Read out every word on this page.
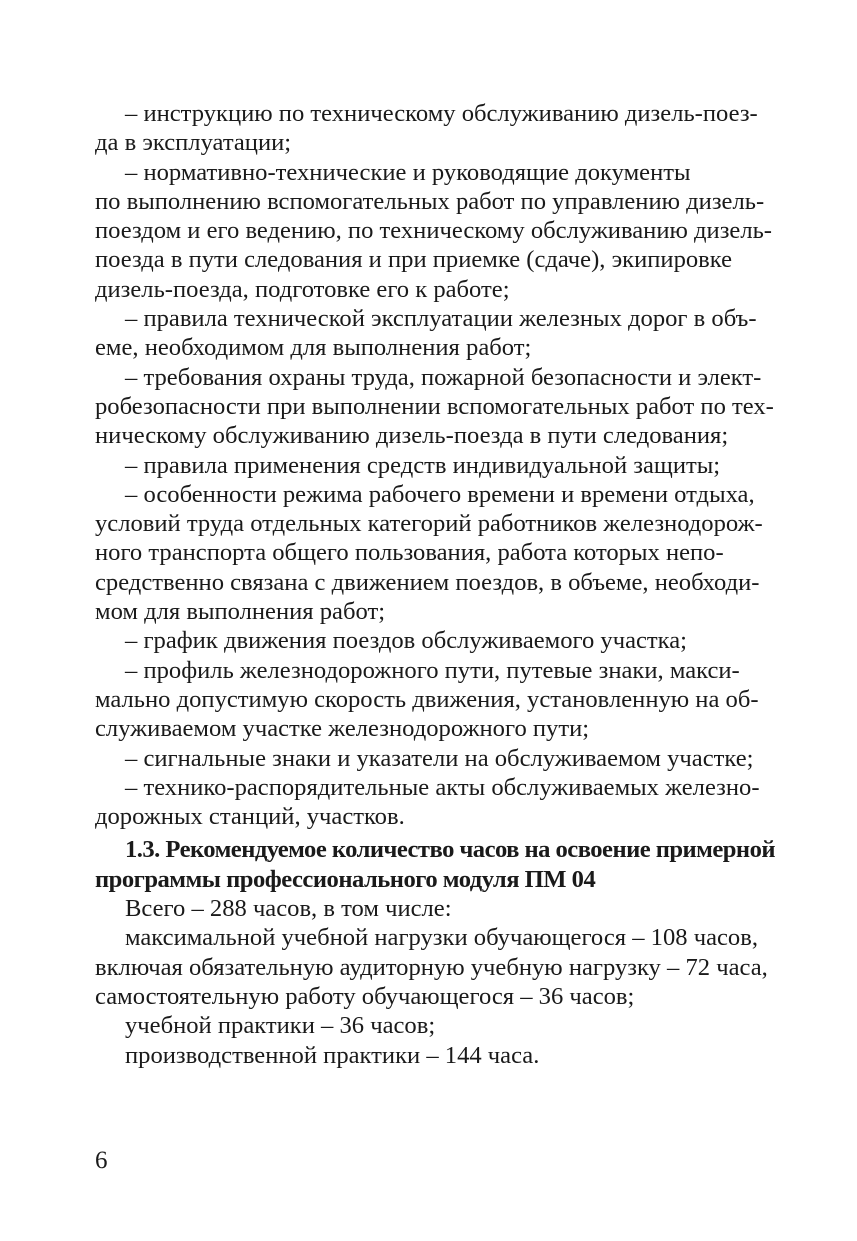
– инструкцию по техническому обслуживанию дизель-поез-
да в эксплуатации;
– нормативно-технические и руководящие документы
по выполнению вспомогательных работ по управлению дизель-
поездом и его ведению, по техническому обслуживанию дизель-
поезда в пути следования и при приемке (сдаче), экипировке
дизель-поезда, подготовке его к работе;
– правила технической эксплуатации железных дорог в объ-
еме, необходимом для выполнения работ;
– требования охраны труда, пожарной безопасности и элект-
робезопасности при выполнении вспомогательных работ по тех-
ническому обслуживанию дизель-поезда в пути следования;
– правила применения средств индивидуальной защиты;
– особенности режима рабочего времени и времени отдыха,
условий труда отдельных категорий работников железнодорож-
ного транспорта общего пользования, работа которых непо-
средственно связана с движением поездов, в объеме, необходи-
мом для выполнения работ;
– график движения поездов обслуживаемого участка;
– профиль железнодорожного пути, путевые знаки, макси-
мально допустимую скорость движения, установленную на об-
служиваемом участке железнодорожного пути;
– сигнальные знаки и указатели на обслуживаемом участке;
– технико-распорядительные акты обслуживаемых железно-
дорожных станций, участков.
1.3. Рекомендуемое количество часов на освоение примерной
программы профессионального модуля ПМ 04
Всего – 288 часов, в том числе:
максимальной учебной нагрузки обучающегося – 108 часов,
включая обязательную аудиторную учебную нагрузку – 72 часа,
самостоятельную работу обучающегося – 36 часов;
учебной практики – 36 часов;
производственной практики – 144 часа.
6
